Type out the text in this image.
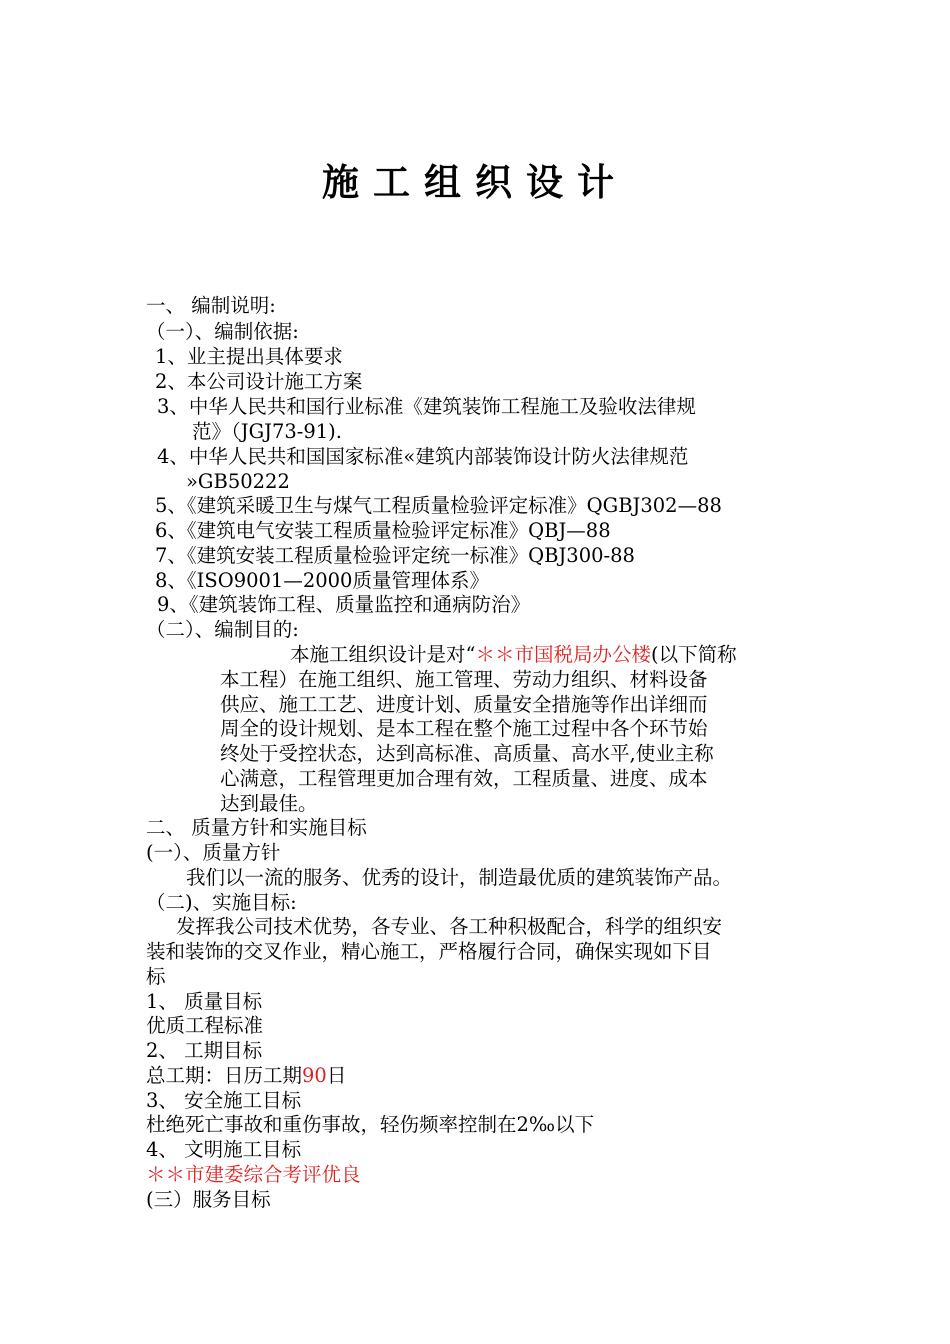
施工组织设计

一、 编制说明:

（一）、编制依据:

1、业主提出具体要求

2、本公司设计施工方案

3、中华人民共和国行业标准《建筑装饰工程施工及验收法律规

范》（JGJ73-91).

4、中华人民共和国国家标准«建筑内部装饰设计防火法律规范

»GB50222

5、《建筑采暖卫生与煤气工程质量检验评定标准》QGBJ302—88

6、《建筑电气安装工程质量检验评定标准》QBJ—88

7、《建筑安装工程质量检验评定统一标准》QBJ300-88

8、《ISO9001—2000质量管理体系》

9、《建筑装饰工程、质量监控和通病防治》

（二）、编制目的:

本施工组织设计是对“＊＊市国税局办公楼(以下简称

本工程）在施工组织、施工管理、劳动力组织、材料设备

供应、施工工艺、进度计划、质量安全措施等作出详细而

周全的设计规划、是本工程在整个施工过程中各个环节始

终处于受控状态，达到高标准、高质量、高水平,使业主称

心满意，工程管理更加合理有效，工程质量、进度、成本

达到最佳。

二、 质量方针和实施目标

(一）、质量方针

我们以一流的服务、优秀的设计，制造最优质的建筑装饰产品。

（二)、实施目标:

发挥我公司技术优势，各专业、各工种积极配合，科学的组织安

装和装饰的交叉作业，精心施工，严格履行合同，确保实现如下目

标

1、 质量目标

优质工程标准

2、 工期目标

总工期：日历工期90日

3、 安全施工目标

杜绝死亡事故和重伤事故，轻伤频率控制在2‰以下

4、 文明施工目标

＊＊市建委综合考评优良

(三）服务目标
